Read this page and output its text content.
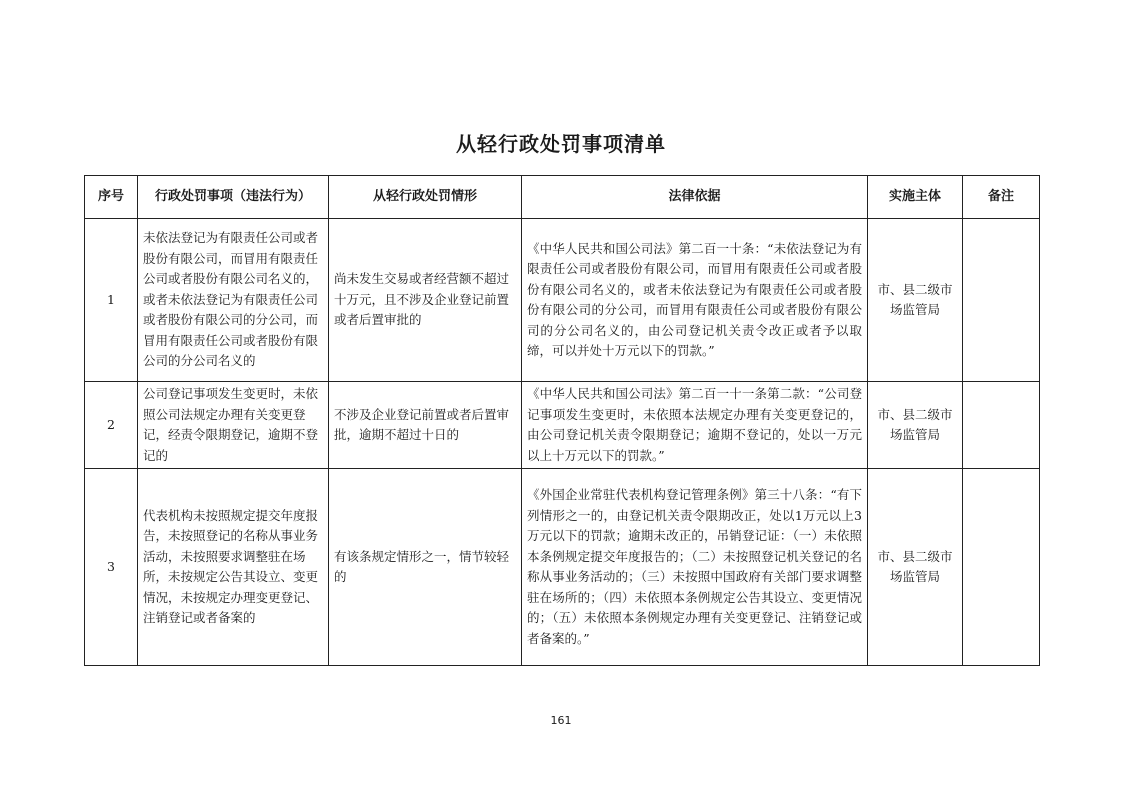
从轻行政处罚事项清单
序号	行政处罚事项（违法行为）	从轻行政处罚情形	法律依据	实施主体	备注
1	未依法登记为有限责任公司或者股份有限公司，而冒用有限责任公司或者股份有限公司名义的，或者未依法登记为有限责任公司或者股份有限公司的分公司，而冒用有限责任公司或者股份有限公司的分公司名义的	尚未发生交易或者经营额不超过十万元，且不涉及企业登记前置或者后置审批的	《中华人民共和国公司法》第二百一十条：“未依法登记为有限责任公司或者股份有限公司，而冒用有限责任公司或者股份有限公司名义的，或者未依法登记为有限责任公司或者股份有限公司的分公司，而冒用有限责任公司或者股份有限公司的分公司名义的，由公司登记机关责令改正或者予以取缔，可以并处十万元以下的罚款。”	市、县二级市场监管局	
2	公司登记事项发生变更时，未依照公司法规定办理有关变更登记，经责令限期登记，逾期不登记的	不涉及企业登记前置或者后置审批，逾期不超过十日的	《中华人民共和国公司法》第二百一十一条第二款：“公司登记事项发生变更时，未依照本法规定办理有关变更登记的，由公司登记机关责令限期登记；逾期不登记的，处以一万元以上十万元以下的罚款。”	市、县二级市场监管局	
3	代表机构未按照规定提交年度报告，未按照登记的名称从事业务活动，未按照要求调整驻在场所，未按规定公告其设立、变更情况，未按规定办理变更登记、注销登记或者备案的	有该条规定情形之一，情节较轻的	《外国企业常驻代表机构登记管理条例》第三十八条：“有下列情形之一的，由登记机关责令限期改正，处以1万元以上3万元以下的罚款；逾期未改正的，吊销登记证：（一）未依照本条例规定提交年度报告的；（二）未按照登记机关登记的名称从事业务活动的；（三）未按照中国政府有关部门要求调整驻在场所的；（四）未依照本条例规定公告其设立、变更情况的；（五）未依照本条例规定办理有关变更登记、注销登记或者备案的。”	市、县二级市场监管局	
161
